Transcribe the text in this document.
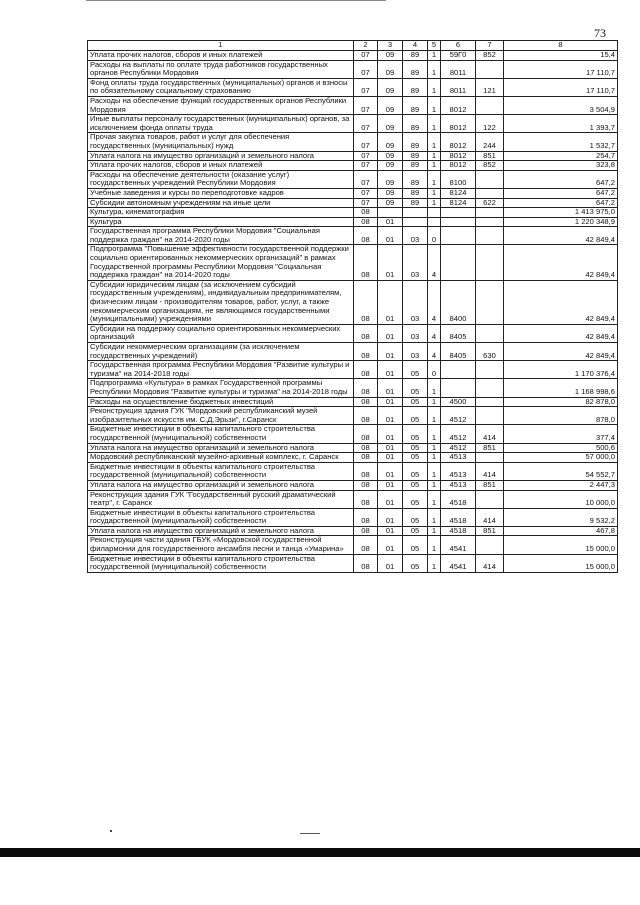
73
1	2	3	4	5	6	7	8
Уплата прочих налогов, сборов и иных платежей	07	09	89	1	59Г0	852	15,4
Расходы на выплаты по оплате труда работников государственных органов Республики Мордовия	07	09	89	1	8011		17 110,7
Фонд оплаты труда государственных (муниципальных) органов и взносы по обязательному социальному страхованию	07	09	89	1	8011	121	17 110,7
Расходы на обеспечение функций государственных органов Республики Мордовия	07	09	89	1	8012		3 504,9
Иные выплаты персоналу государственных (муниципальных) органов, за исключением фонда оплаты труда	07	09	89	1	8012	122	1 393,7
Прочая закупка товаров, работ и услуг для обеспечения государственных (муниципальных) нужд	07	09	89	1	8012	244	1 532,7
Уплата налога на имущество организаций и земельного налога	07	09	89	1	8012	851	254,7
Уплата прочих налогов, сборов и иных платежей	07	09	89	1	8012	852	323,8
Расходы на обеспечение деятельности (оказание услуг) государственных учреждений Республики Мордовия	07	09	89	1	8100		647,2
Учебные заведения и курсы по переподготовке кадров	07	09	89	1	8124		647,2
Субсидии автономным учреждениям на иные цели	07	09	89	1	8124	622	647,2
Культура, кинематография	08						1 413 975,0
Культура	08	01					1 220 348,9
Государственная программа Республики Мордовия "Социальная поддержка граждан" на 2014-2020 годы	08	01	03	0			42 849,4
Подпрограмма "Повышение эффективности государственной поддержки социально ориентированных некоммерческих организаций" в рамках Государственной программы Республики Мордовия "Социальная поддержка граждан" на 2014-2020 годы	08	01	03	4			42 849,4
Субсидии юридическим лицам (за исключением субсидий государственным учреждениям), индивидуальным предпринимателям, физическим лицам - производителям товаров, работ, услуг, а также некоммерческим организациям, не являющимся государственными (муниципальными) учреждениями	08	01	03	4	8400		42 849,4
Субсидии на поддержку социально ориентированных некоммерческих организаций	08	01	03	4	8405		42 849,4
Субсидии некоммерческим организациям (за исключением государственных учреждений)	08	01	03	4	8405	630	42 849,4
Государственная программа Республики Мордовия "Развитие культуры и туризма" на 2014-2018 годы	08	01	05	0			1 170 376,4
Подпрограмма «Культура» в рамках Государственной программы Республики Мордовия "Развитие культуры и туризма" на 2014-2018 годы	08	01	05	1			1 168 998,6
Расходы на осуществление бюджетных инвестиций	08	01	05	1	4500		82 878,0
Реконструкция здания ГУК "Мордовский республиканский музей изобразительных искусств им. С.Д.Эрьзи", г.Саранск	08	01	05	1	4512		878,0
Бюджетные инвестиции в объекты капитального строительства государственной (муниципальной) собственности	08	01	05	1	4512	414	377,4
Уплата налога на имущество организаций и земельного налога	08	01	05	1	4512	851	500,6
Мордовский республиканский музейно-архивный комплекс, г. Саранск	08	01	05	1	4513		57 000,0
Бюджетные инвестиции в объекты капитального строительства государственной (муниципальной) собственности	08	01	05	1	4513	414	54 552,7
Уплата налога на имущество организаций и земельного налога	08	01	05	1	4513	851	2 447,3
Реконструкция здания ГУК "Государственный русский драматический театр", г. Саранск	08	01	05	1	4518		10 000,0
Бюджетные инвестиции в объекты капитального строительства государственной (муниципальной) собственности	08	01	05	1	4518	414	9 532,2
Уплата налога на имущество организаций и земельного налога	08	01	05	1	4518	851	467,8
Реконструкция части здания ГБУК «Мордовской государственной филармонии для государственного ансамбля песни и танца «Умарина»	08	01	05	1	4541		15 000,0
Бюджетные инвестиции в объекты капитального строительства государственной (муниципальной) собственности	08	01	05	1	4541	414	15 000,0
